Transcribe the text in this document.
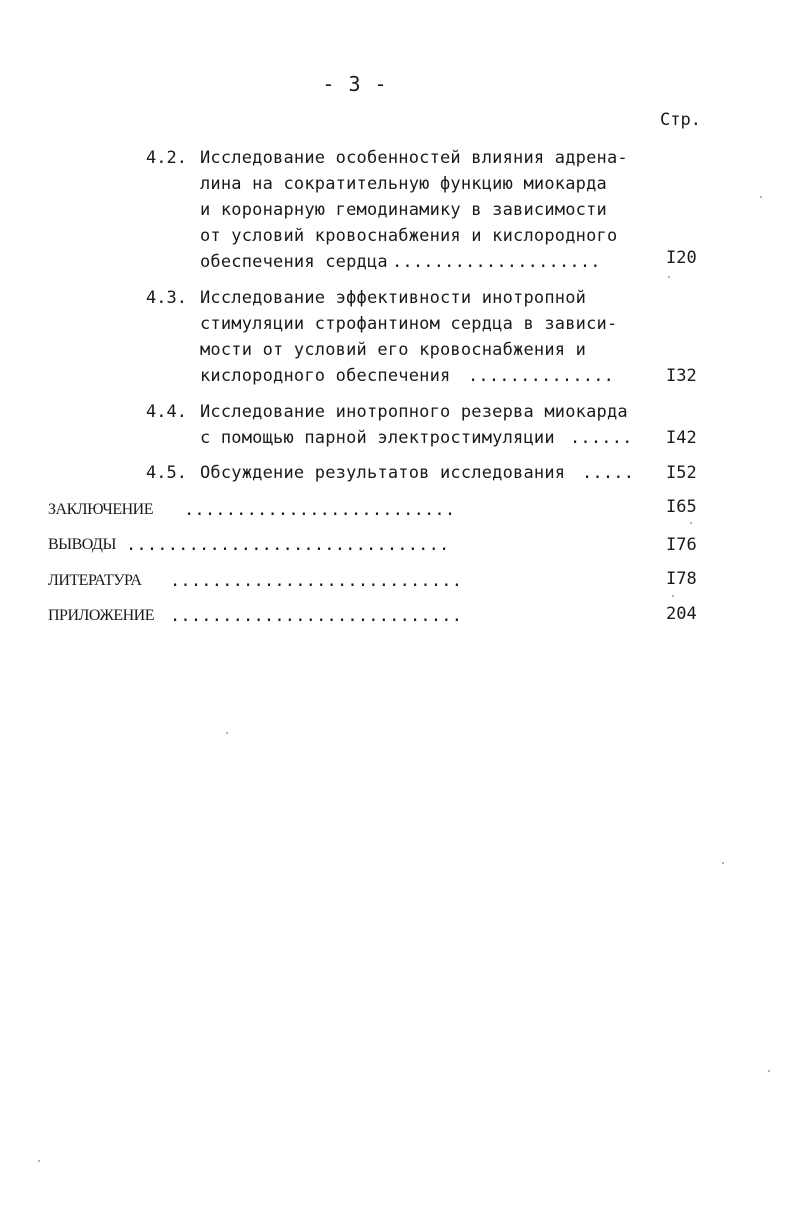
- 3 -
Стр.
4.2. Исследование особенностей влияния адрена-
лина на сократительную функцию миокарда
и коронарную гемодинамику в зависимости
от условий кровоснабжения и кислородного
обеспечения сердца ....................	I20
4.3. Исследование эффективности инотропной
стимуляции строфантином сердца в зависи-
мости от условий его кровоснабжения и
кислородного обеспечения ..............	I32
4.4. Исследование инотропного резерва миокарда
с помощью парной электростимуляции ......	I42
4.5. Обсуждение результатов исследования .....	I52
ЗАКЛЮЧЕНИЕ ..........................	I65
ВЫВОДЫ ...............................	I76
ЛИТЕРАТУРА ............................	I78
ПРИЛОЖЕНИЕ ............................	204
